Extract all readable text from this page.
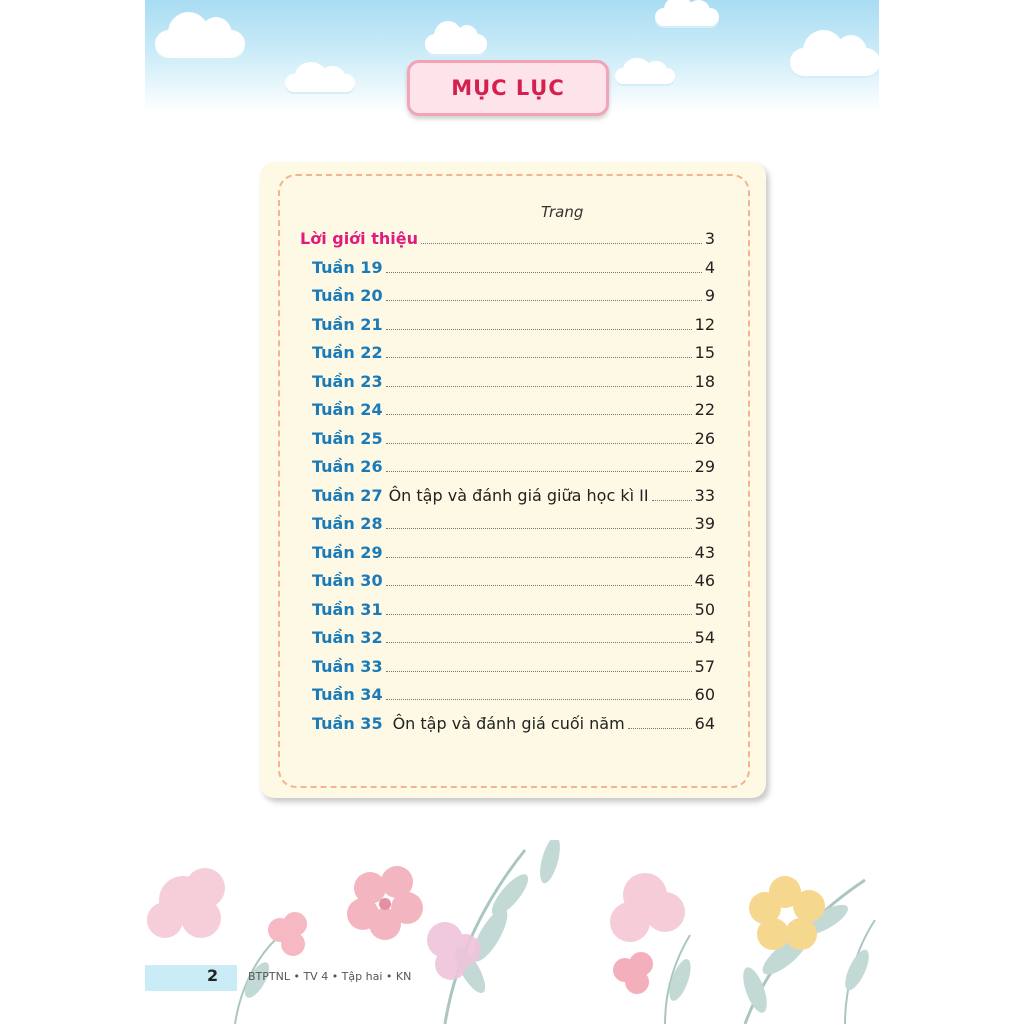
MỤC LỤC
2	BTPTNL • TV 4 • Tập hai • KN
Trang
Lời giới thiệu	3
Tuần 19	4
Tuần 20	9
Tuần 21	12
Tuần 22	15
Tuần 23	18
Tuần 24	22
Tuần 25	26
Tuần 26	29
Tuần 27 Ôn tập và đánh giá giữa học kì II	33
Tuần 28	39
Tuần 29	43
Tuần 30	46
Tuần 31	50
Tuần 32	54
Tuần 33	57
Tuần 34	60
Tuần 35 Ôn tập và đánh giá cuối năm	64
